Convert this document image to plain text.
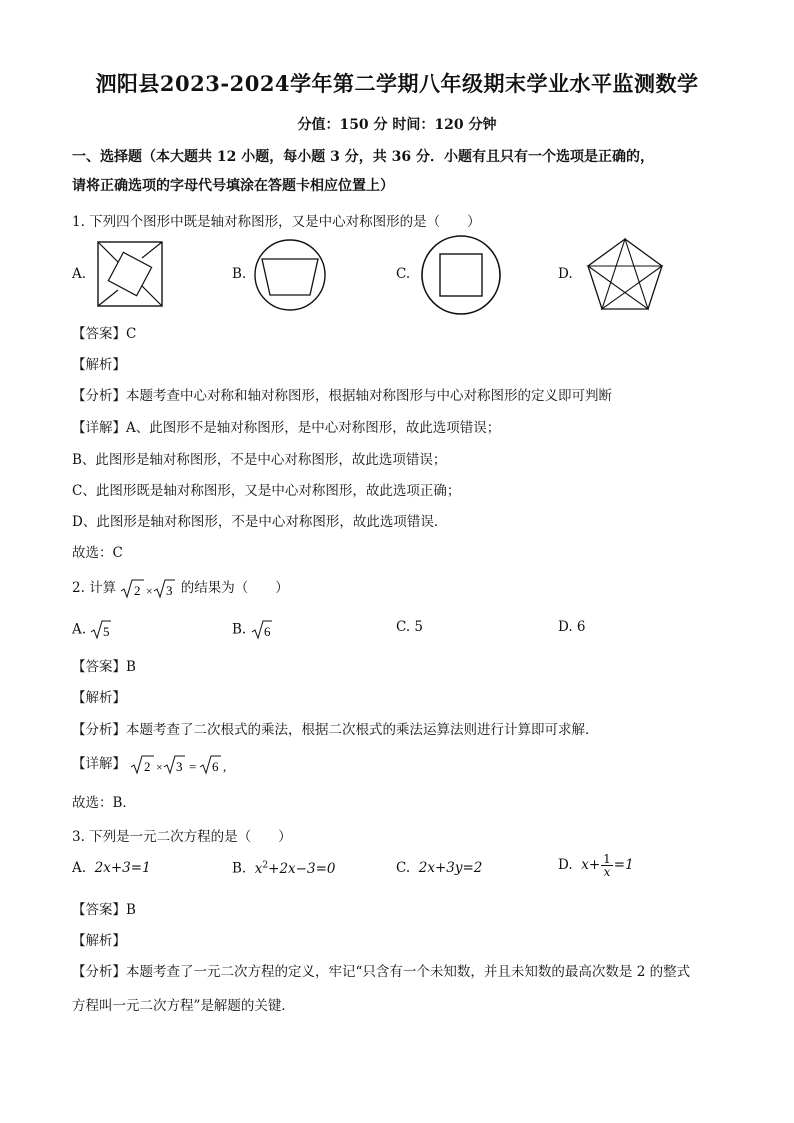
泗阳县2023-2024学年第二学期八年级期末学业水平监测数学
分值：150 分 时间：120 分钟
一、选择题（本大题共 12 小题，每小题 3 分，共 36 分．小题有且只有一个选项是正确的，
请将正确选项的字母代号填涂在答题卡相应位置上）
1. 下列四个图形中既是轴对称图形，又是中心对称图形的是（　　）
A.	B.	C.	D.
【答案】C
【解析】
【分析】本题考查中心对称和轴对称图形，根据轴对称图形与中心对称图形的定义即可判断
【详解】A、此图形不是轴对称图形，是中心对称图形，故此选项错误；
B、此图形是轴对称图形，不是中心对称图形，故此选项错误；
C、此图形既是轴对称图形，又是中心对称图形，故此选项正确；
D、此图形是轴对称图形，不是中心对称图形，故此选项错误．
故选：C
2. 计算 2 × 3 的结果为（　　）
A. 5	B. 6	C. 5	D. 6
【答案】B
【解析】
【分析】本题考查了二次根式的乘法，根据二次根式的乘法运算法则进行计算即可求解．
【详解】 2 × 3 = 6 ,
故选：B．
3. 下列是一元二次方程的是（　　）
A.  2x+3=1	B.  $x^2+2x-3=0$	C.  2x+3y=2	D.  $x+ \frac{1}{x} =1$
【答案】B
【解析】
【分析】本题考查了一元二次方程的定义，牢记“只含有一个未知数，并且未知数的最高次数是 2 的整式
方程叫一元二次方程”是解题的关键．
